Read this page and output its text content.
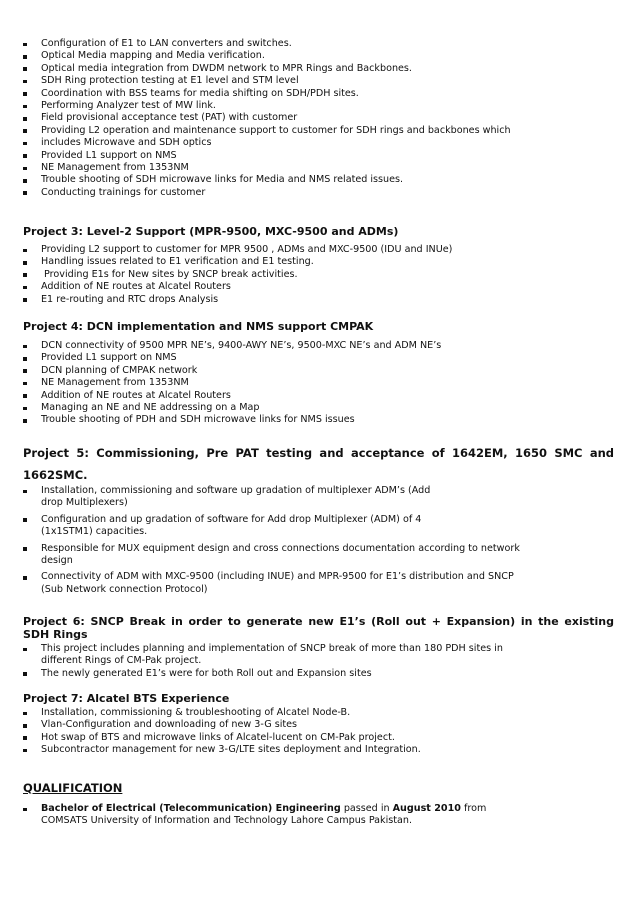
Configuration of E1 to LAN converters and switches.
Optical Media mapping and Media verification.
Optical media integration from DWDM network to MPR Rings and Backbones.
SDH Ring protection testing at E1 level and STM level
Coordination with BSS teams for media shifting on SDH/PDH sites.
Performing Analyzer test of MW link.
Field provisional acceptance test (PAT) with customer
Providing L2 operation and maintenance support to customer for SDH rings and backbones which
includes Microwave and SDH optics
Provided L1 support on NMS
NE Management from 1353NM
Trouble shooting of SDH microwave links for Media and NMS related issues.
Conducting trainings for customer
Project 3: Level-2 Support (MPR-9500, MXC-9500 and ADMs)
Providing L2 support to customer for MPR 9500 , ADMs and MXC-9500 (IDU and INUe)
Handling issues related to E1 verification and E1 testing.
Providing E1s for New sites by SNCP break activities.
Addition of NE routes at Alcatel Routers
E1 re-routing and RTC drops Analysis
Project 4: DCN implementation and NMS support CMPAK
DCN connectivity of 9500 MPR NE’s, 9400-AWY NE’s, 9500-MXC NE’s and ADM NE’s
Provided L1 support on NMS
DCN planning of CMPAK network
NE Management from 1353NM
Addition of NE routes at Alcatel Routers
Managing an NE and NE addressing on a Map
Trouble shooting of PDH and SDH microwave links for NMS issues
Project 5: Commissioning, Pre PAT testing and acceptance of 1642EM, 1650 SMC and
1662SMC.
Installation, commissioning and software up gradation of multiplexer ADM’s (Add drop Multiplexers)
Configuration and up gradation of software for Add drop Multiplexer (ADM) of 4 (1x1STM1) capacities.
Responsible for MUX equipment design and cross connections documentation according to network design
Connectivity of ADM with MXC-9500 (including INUE) and MPR-9500 for E1’s distribution and SNCP (Sub Network connection Protocol)
Project 6: SNCP Break in order to generate new E1’s (Roll out + Expansion) in the existing
SDH Rings
This project includes planning and implementation of SNCP break of more than 180 PDH sites in different Rings of CM-Pak project.
The newly generated E1’s were for both Roll out and Expansion sites
Project 7: Alcatel BTS Experience
Installation, commissioning & troubleshooting of Alcatel Node-B.
Vlan-Configuration and downloading of new 3-G sites
Hot swap of BTS and microwave links of Alcatel-lucent on CM-Pak project.
Subcontractor management for new 3-G/LTE sites deployment and Integration.
QUALIFICATION
Bachelor of Electrical (Telecommunication) Engineering passed in August 2010 from COMSATS University of Information and Technology Lahore Campus Pakistan.
